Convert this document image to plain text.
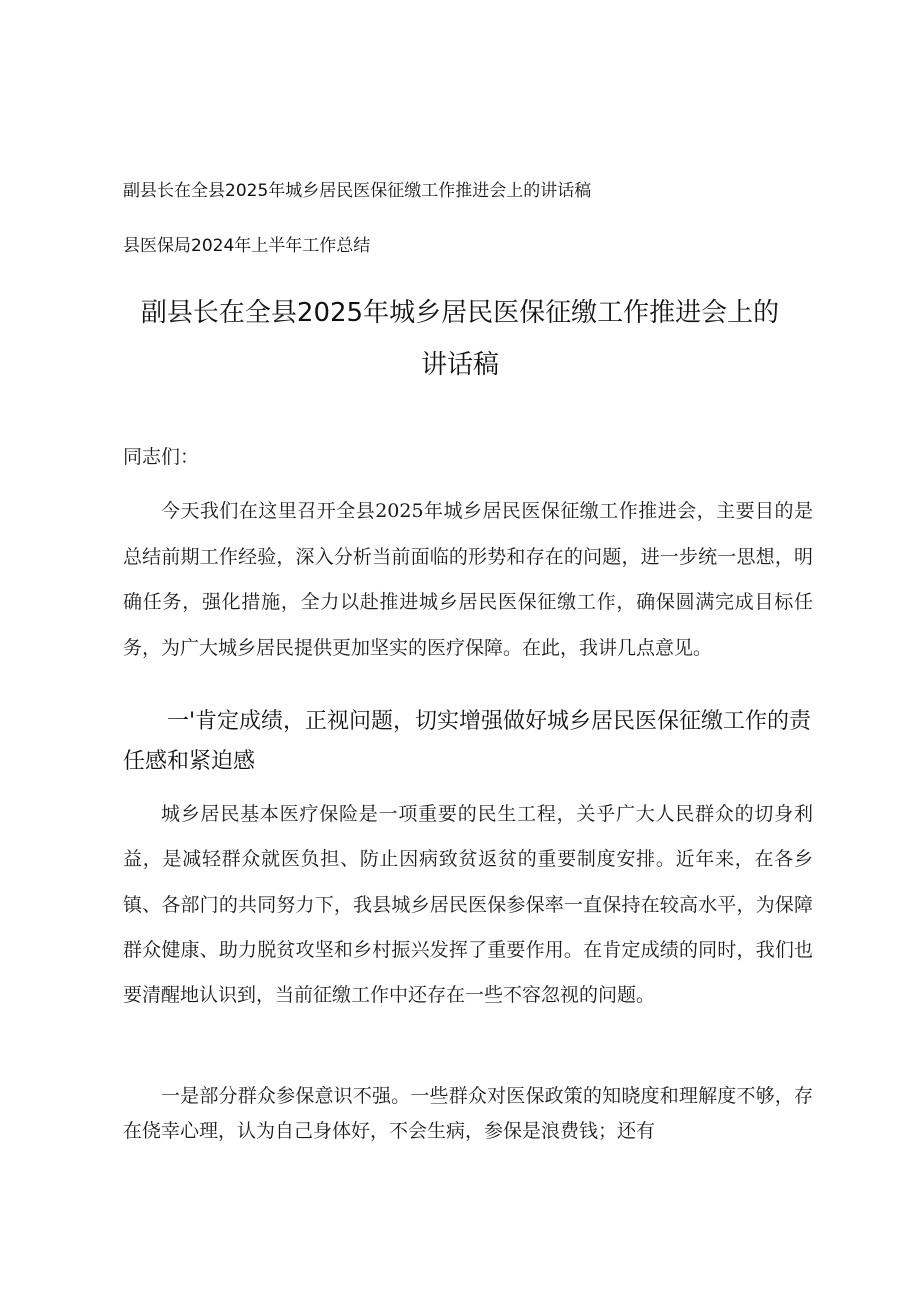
副县长在全县2025年城乡居民医保征缴工作推进会上的讲话稿
县医保局2024年上半年工作总结
副县长在全县2025年城乡居民医保征缴工作推进会上的
讲话稿
同志们：

今天我们在这里召开全县2025年城乡居民医保征缴工作推进会，主要目的是总结前期工作经验，深入分析当前面临的形势和存在的问题，进一步统一思想，明确任务，强化措施，全力以赴推进城乡居民医保征缴工作，确保圆满完成目标任务，为广大城乡居民提供更加坚实的医疗保障。在此，我讲几点意见。

一'肯定成绩，正视问题，切实增强做好城乡居民医保征缴工作的责任感和紧迫感

城乡居民基本医疗保险是一项重要的民生工程，关乎广大人民群众的切身利益，是减轻群众就医负担、防止因病致贫返贫的重要制度安排。近年来，在各乡镇、各部门的共同努力下，我县城乡居民医保参保率一直保持在较高水平，为保障群众健康、助力脱贫攻坚和乡村振兴发挥了重要作用。在肯定成绩的同时，我们也要清醒地认识到，当前征缴工作中还存在一些不容忽视的问题。

一是部分群众参保意识不强。一些群众对医保政策的知晓度和理解度不够，存在侥幸心理，认为自己身体好，不会生病，参保是浪费钱；还有
